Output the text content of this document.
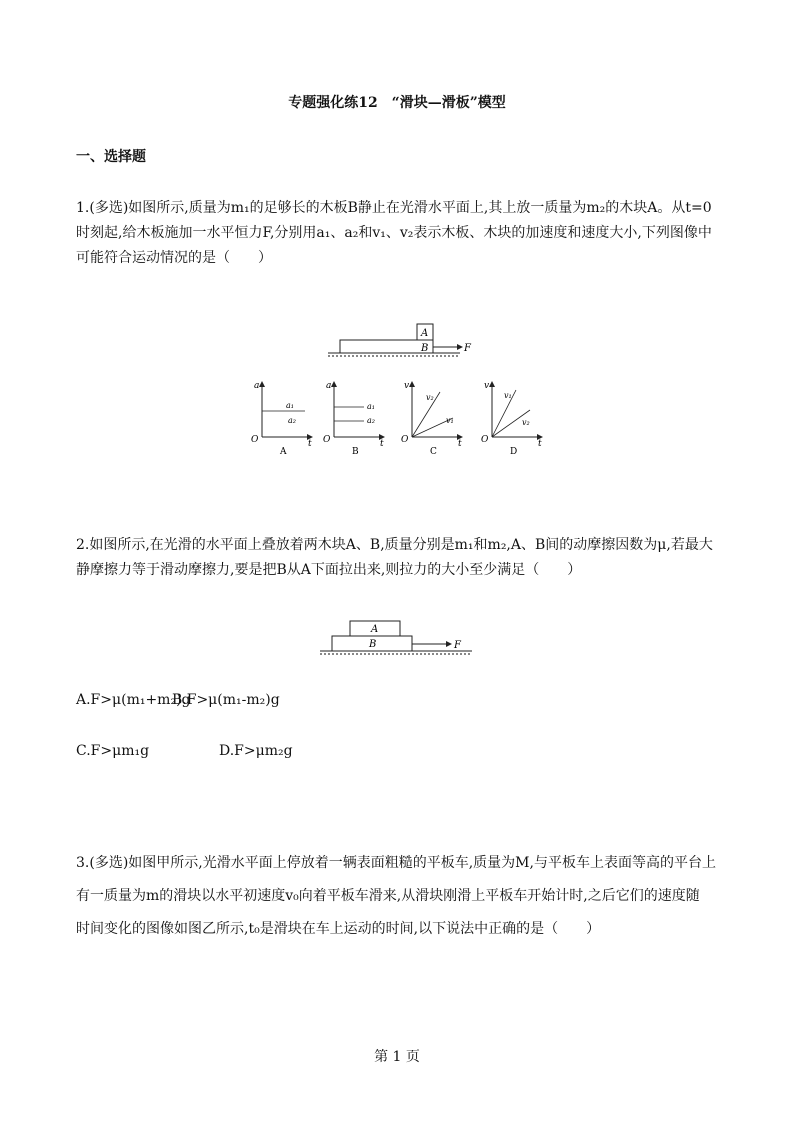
专题强化练12　“滑块—滑板”模型
一、选择题
1.(多选)如图所示,质量为m₁的足够长的木板B静止在光滑水平面上,其上放一质量为m₂的木块A。从t=0
时刻起,给木板施加一水平恒力F,分别用a₁、a₂和v₁、v₂表示木板、木块的加速度和速度大小,下列图像中
可能符合运动情况的是（　　）
A
B	F
a
t
O
a₁
a₂
A
a
t
O
a₁
a₂
B
v
t
O
v₂
v₁
C
v
t
O
v₁
v₂
D
2.如图所示,在光滑的水平面上叠放着两木块A、B,质量分别是m₁和m₂,A、B间的动摩擦因数为μ,若最大
静摩擦力等于滑动摩擦力,要是把B从A下面拉出来,则拉力的大小至少满足（　　）
A
B	F
A.F>μ(m₁+m₂)g
B.F>μ(m₁-m₂)g
C.F>μm₁g	D.F>μm₂g
3.(多选)如图甲所示,光滑水平面上停放着一辆表面粗糙的平板车,质量为M,与平板车上表面等高的平台上
有一质量为m的滑块以水平初速度v₀向着平板车滑来,从滑块刚滑上平板车开始计时,之后它们的速度随
时间变化的图像如图乙所示,t₀是滑块在车上运动的时间,以下说法中正确的是（　　）
第 1 页
